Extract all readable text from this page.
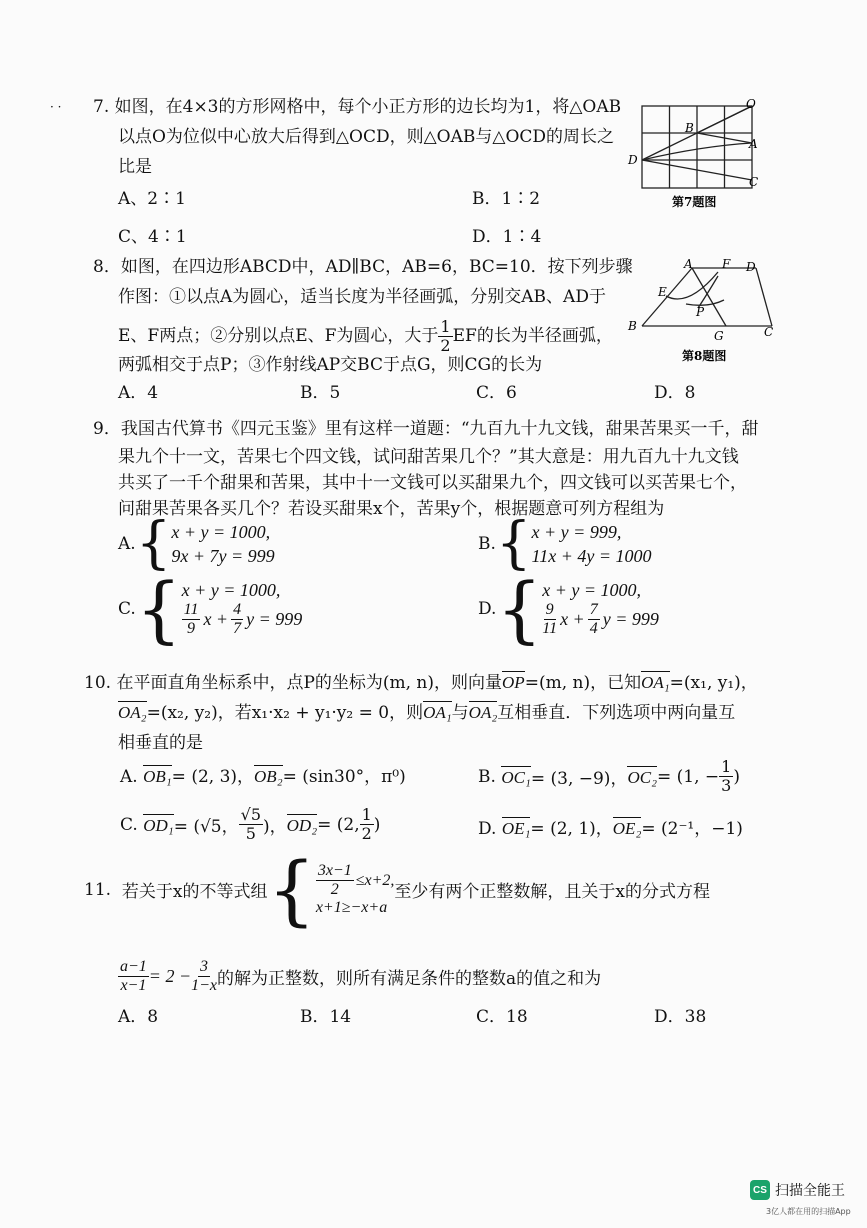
· · 7. 如图，在4×3的方形网格中，每个小正方形的边长均为1，将△OAB
以点O为位似中心放大后得到△OCD，则△OAB与△OCD的周长之
比是
A、2∶1	B．1∶2
C、4∶1	D．1∶4
O
B
A
D
C
第7题图
8．如图，在四边形ABCD中，AD∥BC，AB=6，BC=10．按下列步骤
作图：①以点A为圆心，适当长度为半径画弧，分别交AB、AD于
E、F两点；②分别以点E、F为圆心，大于 $\frac{1}{2}$ EF的长为半径画弧，
两弧相交于点P；③作射线AP交BC于点G，则CG的长为
A．4	B．5	C．6	D．8
A F D
E
P
B
G	C
第8题图
9．我国古代算书《四元玉鉴》里有这样一道题：“九百九十九文钱，甜果苦果买一千，甜
果九个十一文，苦果七个四文钱，试问甜苦果几个？”其大意是：用九百九十九文钱
共买了一千个甜果和苦果，其中十一文钱可以买甜果九个，四文钱可以买苦果七个，
问甜果苦果各买几个？若设买甜果x个，苦果y个，根据题意可列方程组为
A. { x + y = 1000,
9x + 7y = 999
B. { x + y = 999,
11x + 4y = 1000
C. { x + y = 1000,
$\frac{11}{9}$ $x + \frac{4}{7}$ y = 999	D. { x + y = 1000,
$\frac{9}{11}$ $x + \frac{7}{4}$ y = 999
10. 在平面直角坐标系中，点P的坐标为(m, n)，则向量OP=(m, n)，已知OA₁=(x₁, y₁)，
OA₂=(x₂, y₂)，若x₁·x₂ + y₁·y₂ = 0，则OA₁与OA₂互相垂直．下列选项中两向量互
相垂直的是
A. OB₁= (2, 3)，OB₂= (sin30°，π⁰)	B.
OC₁ = (3, −9)， OC₂ = (1, − $\frac{1}{3}$ )
C.
OD₁ = (√5， $\frac{√5}{5}$ )， OD₂ = (2, $\frac{1}{2}$ )	D. OE₁= (2, 1)，OE₂= (2⁻¹，−1)
11.
若关于x的不等式组 { $\frac{3x-1}{2} \le x+2$,
x+1≥−x+a
至少有两个正整数解，且关于x的分式方程
$\frac{a-1}{x-1} = 2 - \frac{3}{1-x}$ 的解为正整数，则所有满足条件的整数a的值之和为
A．8	B．14	C．18	D．38
CS 扫描全能王
3亿人都在用的扫描App
